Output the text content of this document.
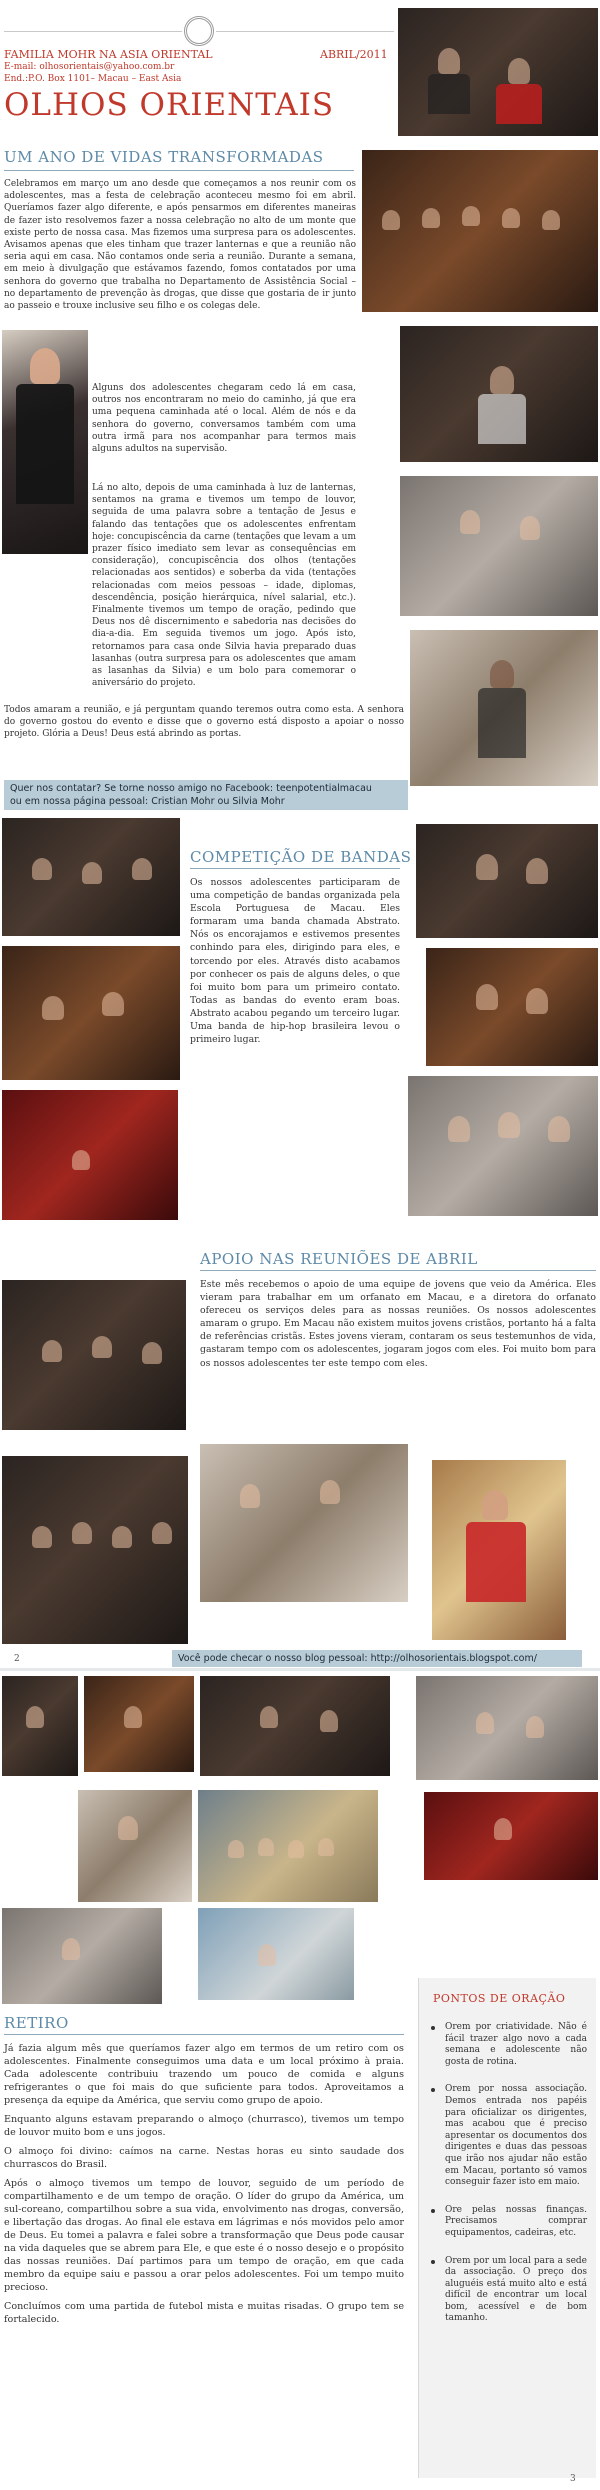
FAMILIA MOHR NA ASIA ORIENTAL	ABRIL/2011
E-mail: olhosorientais@yahoo.com.br
End.:P.O. Box 1101– Macau – East Asia
OLHOS ORIENTAIS
UM ANO DE VIDAS TRANSFORMADAS

Celebramos em março um ano desde que começamos a nos reunir com os adolescentes, mas a festa de celebração aconteceu mesmo foi em abril. Queríamos fazer algo diferente, e após pensarmos em diferentes maneiras de fazer isto resolvemos fazer a nossa celebração no alto de um monte que existe perto de nossa casa. Mas fizemos uma surpresa para os adolescentes. Avisamos apenas que eles tinham que trazer lanternas e que a reunião não seria aqui em casa. Não contamos onde seria a reunião. Durante a semana, em meio à divulgação que estávamos fazendo, fomos contatados por uma senhora do governo que trabalha no Departamento de Assistência Social – no departamento de prevenção às drogas, que disse que gostaria de ir junto ao passeio e trouxe inclusive seu filho e os colegas dele.

Alguns dos adolescentes chegaram cedo lá em casa, outros nos encontraram no meio do caminho, já que era uma pequena caminhada até o local. Além de nós e da senhora do governo, conversamos também com uma outra irmã para nos acompanhar para termos mais alguns adultos na supervisão.

Lá no alto, depois de uma caminhada à luz de lanternas, sentamos na grama e tivemos um tempo de louvor, seguida de uma palavra sobre a tentação de Jesus e falando das tentações que os adolescentes enfrentam hoje: concupiscência da carne (tentações que levam a um prazer físico imediato sem levar as consequências em consideração), concupiscência dos olhos (tentações relacionadas aos sentidos) e soberba da vida (tentações relacionadas com meios pessoas – idade, diplomas, descendência, posição hierárquica, nível salarial, etc.). Finalmente tivemos um tempo de oração, pedindo que Deus nos dê discernimento e sabedoria nas decisões do dia-a-dia. Em seguida tivemos um jogo. Após isto, retornamos para casa onde Silvia havia preparado duas lasanhas (outra surpresa para os adolescentes que amam as lasanhas da Silvia) e um bolo para comemorar o aniversário do projeto.

Todos amaram a reunião, e já perguntam quando teremos outra como esta. A senhora do governo gostou do evento e disse que o governo está disposto a apoiar o nosso projeto. Glória a Deus! Deus está abrindo as portas.

Quer nos contatar? Se torne nosso amigo no Facebook: teenpotentialmacau
ou em nossa página pessoal: Cristian Mohr ou Silvia Mohr
COMPETIÇÃO DE BANDAS
Os nossos adolescentes participaram de uma competição de bandas organizada pela Escola Portuguesa de Macau. Eles formaram uma banda chamada Abstrato. Nós os encorajamos e estivemos presentes conhindo para eles, dirigindo para eles, e torcendo por eles. Através disto acabamos por conhecer os pais de alguns deles, o que foi muito bom para um primeiro contato. Todas as bandas do evento eram boas. Abstrato acabou pegando um terceiro lugar. Uma banda de hip-hop brasileira levou o primeiro lugar.
APOIO NAS REUNIÕES DE ABRIL
Este mês recebemos o apoio de uma equipe de jovens que veio da América. Eles vieram para trabalhar em um orfanato em Macau, e a diretora do orfanato ofereceu os serviços deles para as nossas reuniões. Os nossos adolescentes amaram o grupo. Em Macau não existem muitos jovens cristãos, portanto há a falta de referências cristãs. Estes jovens vieram, contaram os seus testemunhos de vida, gastaram tempo com os adolescentes, jogaram jogos com eles. Foi muito bom para os nossos adolescentes ter este tempo com eles.
2	Você pode checar o nosso blog pessoal: http://olhosorientais.blogspot.com/
RETIRO

Já fazia algum mês que queríamos fazer algo em termos de um retiro com os adolescentes. Finalmente conseguimos uma data e um local próximo à praia. Cada adolescente contribuiu trazendo um pouco de comida e alguns refrigerantes o que foi mais do que suficiente para todos. Aproveitamos a presença da equipe da América, que serviu como grupo de apoio.

Enquanto alguns estavam preparando o almoço (churrasco), tivemos um tempo de louvor muito bom e uns jogos.

O almoço foi divino: caímos na carne. Nestas horas eu sinto saudade dos churrascos do Brasil.

Após o almoço tivemos um tempo de louvor, seguido de um período de compartilhamento e de um tempo de oração. O líder do grupo da América, um sul-coreano, compartilhou sobre a sua vida, envolvimento nas drogas, conversão, e libertação das drogas. Ao final ele estava em lágrimas e nós movidos pelo amor de Deus. Eu tomei a palavra e falei sobre a transformação que Deus pode causar na vida daqueles que se abrem para Ele, e que este é o nosso desejo e o propósito das nossas reuniões. Daí partimos para um tempo de oração, em que cada membro da equipe saiu e passou a orar pelos adolescentes. Foi um tempo muito precioso.

Concluímos com uma partida de futebol mista e muitas risadas. O grupo tem se fortalecido.

PONTOS DE ORAÇÃO
Orem por criatividade. Não é fácil trazer algo novo a cada semana e adolescente não gosta de rotina.
Orem por nossa associação. Demos entrada nos papéis para oficializar os dirigentes, mas acabou que é preciso apresentar os documentos dos dirigentes e duas das pessoas que irão nos ajudar não estão em Macau, portanto só vamos conseguir fazer isto em maio.
Ore pelas nossas finanças. Precisamos comprar equipamentos, cadeiras, etc.
Orem por um local para a sede da associação. O preço dos aluguéis está muito alto e está difícil de encontrar um local bom, acessível e de bom tamanho.
3
